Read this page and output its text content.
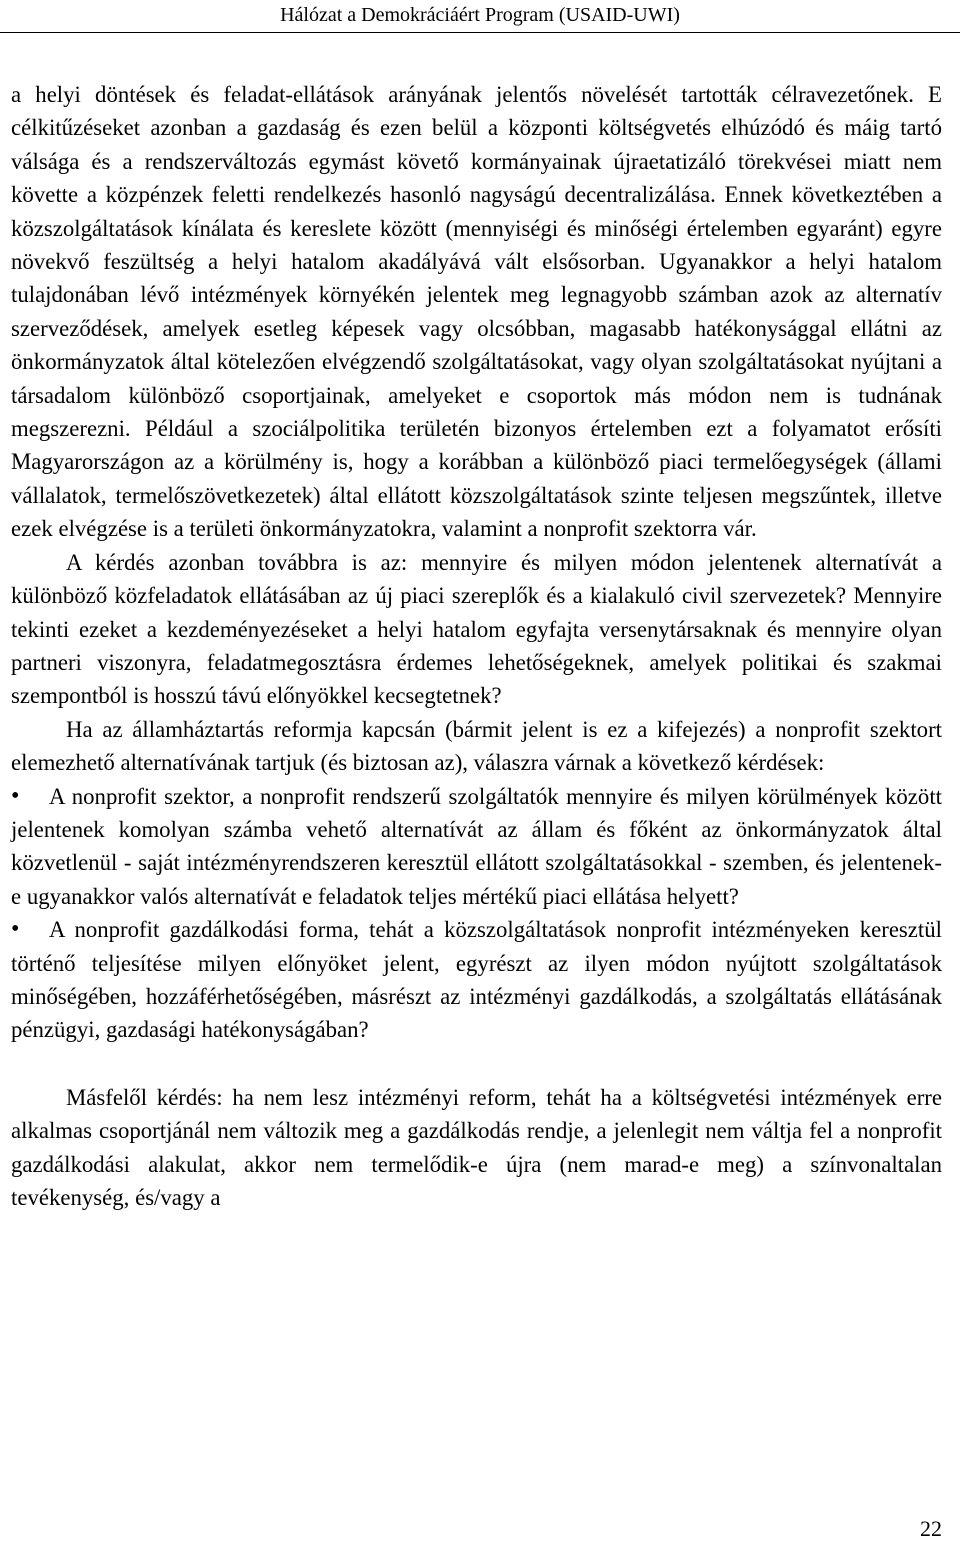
Hálózat a Demokráciáért Program (USAID-UWI)

a helyi döntések és feladat-ellátások arányának jelentős növelését tartották célravezetőnek. E célkitűzéseket azonban a gazdaság és ezen belül a központi költségvetés elhúzódó és máig tartó válsága és a rendszerváltozás egymást követő kormányainak újraetatizáló törekvései miatt nem követte a közpénzek feletti rendelkezés hasonló nagyságú decentralizálása. Ennek következtében a közszolgáltatások kínálata és kereslete között (mennyiségi és minőségi értelemben egyaránt) egyre növekvő feszültség a helyi hatalom akadályává vált elsősorban. Ugyanakkor a helyi hatalom tulajdonában lévő intézmények környékén jelentek meg legnagyobb számban azok az alternatív szerveződések, amelyek esetleg képesek vagy olcsóbban, magasabb hatékonysággal ellátni az önkormányzatok által kötelezően elvégzendő szolgáltatásokat, vagy olyan szolgáltatásokat nyújtani a társadalom különböző csoportjainak, amelyeket e csoportok más módon nem is tudnának megszerezni. Például a szociálpolitika területén bizonyos értelemben ezt a folyamatot erősíti Magyarországon az a körülmény is, hogy a korábban a különböző piaci termelőegységek (állami vállalatok, termelőszövetkezetek) által ellátott közszolgáltatások szinte teljesen megszűntek, illetve ezek elvégzése is a területi önkormányzatokra, valamint a nonprofit szektorra vár.

A kérdés azonban továbbra is az: mennyire és milyen módon jelentenek alternatívát a különböző közfeladatok ellátásában az új piaci szereplők és a kialakuló civil szervezetek? Mennyire tekinti ezeket a kezdeményezéseket a helyi hatalom egyfajta versenytársaknak és mennyire olyan partneri viszonyra, feladatmegosztásra érdemes lehetőségeknek, amelyek politikai és szakmai szempontból is hosszú távú előnyökkel kecsegtetnek?

Ha az államháztartás reformja kapcsán (bármit jelent is ez a kifejezés) a nonprofit szektort elemezhető alternatívának tartjuk (és biztosan az), válaszra várnak a következő kérdések:

•	A nonprofit szektor, a nonprofit rendszerű szolgáltatók mennyire és milyen körülmények között jelentenek komolyan számba vehető alternatívát az állam és főként az önkormányzatok által közvetlenül - saját intézményrendszeren keresztül ellátott szolgáltatásokkal - szemben, és jelentenek-e ugyanakkor valós alternatívát e feladatok teljes mértékű piaci ellátása helyett?
•	A nonprofit gazdálkodási forma, tehát a közszolgáltatások nonprofit intézményeken keresztül történő teljesítése milyen előnyöket jelent, egyrészt az ilyen módon nyújtott szolgáltatások minőségében, hozzáférhetőségében, másrészt az intézményi gazdálkodás, a szolgáltatás ellátásának pénzügyi, gazdasági hatékonyságában?

Másfelől kérdés: ha nem lesz intézményi reform, tehát ha a költségvetési intézmények erre alkalmas csoportjánál nem változik meg a gazdálkodás rendje, a jelenlegit nem váltja fel a nonprofit gazdálkodási alakulat, akkor nem termelődik-e újra (nem marad-e meg) a színvonaltalan tevékenység, és/vagy a

22
